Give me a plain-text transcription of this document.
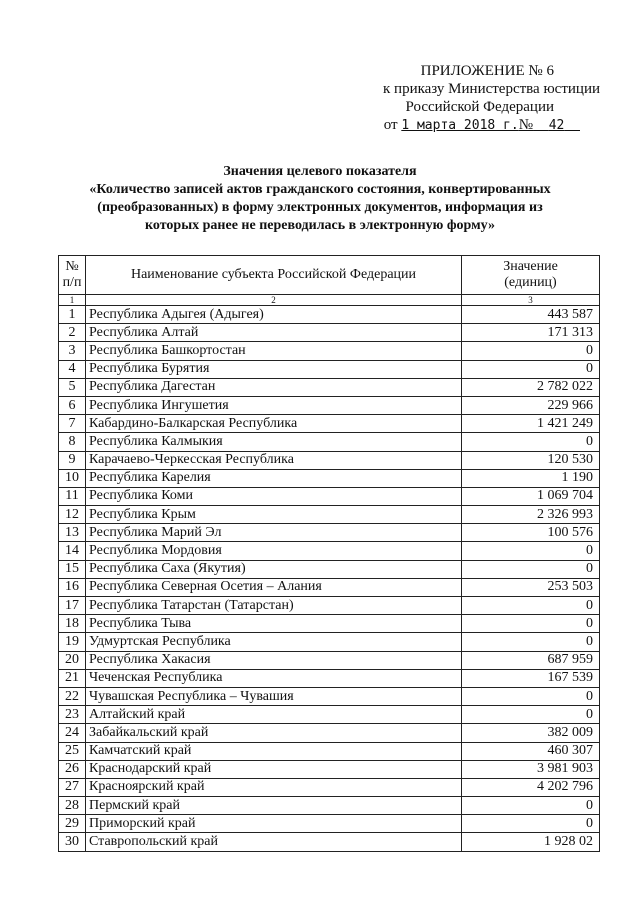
ПРИЛОЖЕНИЕ № 6
к приказу Министерства юстиции
Российской Федерации
от 1 марта 2018 г.№ 42
Значения целевого показателя
«Количество записей актов гражданского состояния, конвертированных
(преобразованных) в форму электронных документов, информация из
которых ранее не переводилась в электронную форму»
№
п/п	Наименование субъекта Российской Федерации	Значение
(единиц)
1	2	3
1	Республика Адыгея (Адыгея)	443 587
2	Республика Алтай	171 313
3	Республика Башкортостан	0
4	Республика Бурятия	0
5	Республика Дагестан	2 782 022
6	Республика Ингушетия	229 966
7	Кабардино-Балкарская Республика	1 421 249
8	Республика Калмыкия	0
9	Карачаево-Черкесская Республика	120 530
10	Республика Карелия	1 190
11	Республика Коми	1 069 704
12	Республика Крым	2 326 993
13	Республика Марий Эл	100 576
14	Республика Мордовия	0
15	Республика Саха (Якутия)	0
16	Республика Северная Осетия – Алания	253 503
17	Республика Татарстан (Татарстан)	0
18	Республика Тыва	0
19	Удмуртская Республика	0
20	Республика Хакасия	687 959
21	Чеченская Республика	167 539
22	Чувашская Республика – Чувашия	0
23	Алтайский край	0
24	Забайкальский край	382 009
25	Камчатский край	460 307
26	Краснодарский край	3 981 903
27	Красноярский край	4 202 796
28	Пермский край	0
29	Приморский край	0
30	Ставропольский край	1 928 02
